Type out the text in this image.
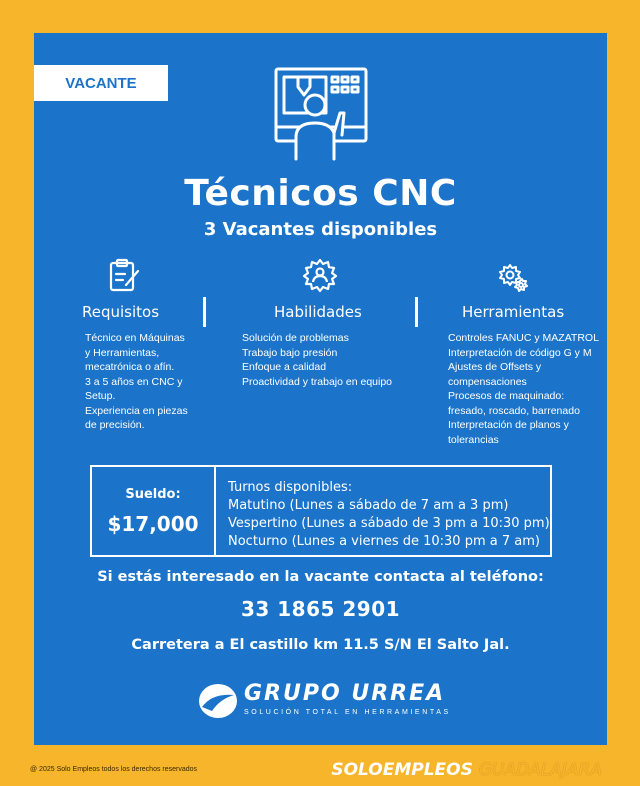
VACANTE
Técnicos CNC
3 Vacantes disponibles
Requisitos
Técnico en Máquinas
y Herramientas,
mecatrónica o afín.
3 a 5 años en CNC y
Setup.
Experiencia en piezas
de precisión.
Habilidades
Solución de problemas
Trabajo bajo presión
Enfoque a calidad
Proactividad y trabajo en equipo
Herramientas
Controles FANUC y MAZATROL
Interpretación de código G y M
Ajustes de Offsets y
compensaciones
Procesos de maquinado:
fresado, roscado, barrenado
Interpretación de planos y
tolerancias
Sueldo:
$17,000
Turnos disponibles:
Matutino (Lunes a sábado de 7 am a 3 pm)
Vespertino (Lunes a sábado de 3 pm a 10:30 pm)
Nocturno (Lunes a viernes de 10:30 pm a 7 am)
Si estás interesado en la vacante contacta al teléfono:
33 1865 2901
Carretera a El castillo km 11.5 S/N El Salto Jal.
GRUPO URREA
SOLUCIÓN TOTAL EN HERRAMIENTAS
@ 2025 Solo Empleos todos los derechos reservados	SOLOEMPLEOS GUADALAJARA
